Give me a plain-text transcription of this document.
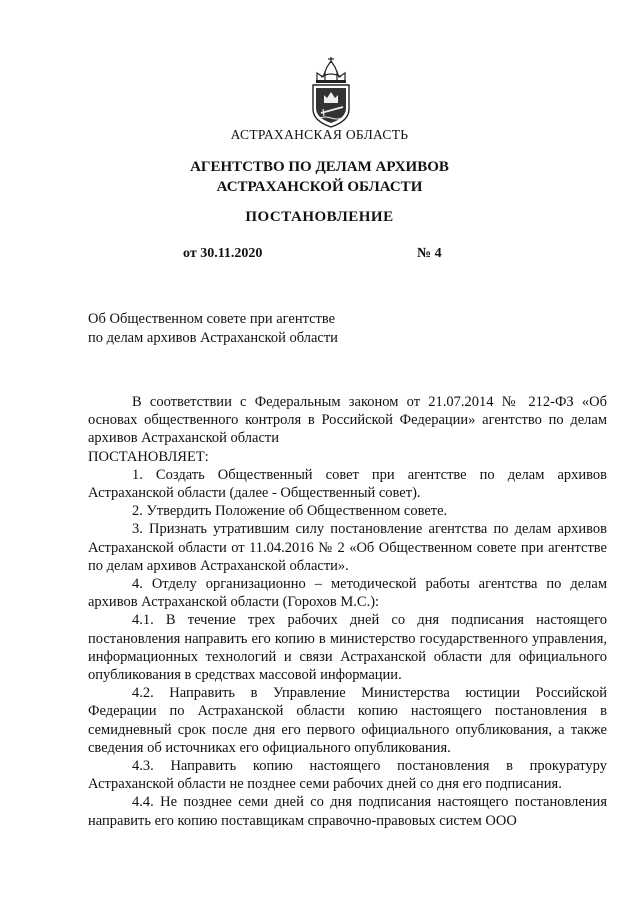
АСТРАХАНСКАЯ ОБЛАСТЬ
АГЕНТСТВО ПО ДЕЛАМ АРХИВОВ
АСТРАХАНСКОЙ ОБЛАСТИ
ПОСТАНОВЛЕНИЕ
от 30.11.2020	№ 4
Об Общественном совете при агентстве
по делам архивов Астраханской области

В соответствии с Федеральным законом от 21.07.2014 № 212-ФЗ «Об основах общественного контроля в Российской Федерации» агентство по делам архивов Астраханской области

ПОСТАНОВЛЯЕТ:

1. Создать Общественный совет при агентстве по делам архивов Астраханской области (далее - Общественный совет).

2. Утвердить Положение об Общественном совете.

3. Признать утратившим силу постановление агентства по делам архивов Астраханской области от 11.04.2016 № 2 «Об Общественном совете при агентстве по делам архивов Астраханской области».

4. Отделу организационно – методической работы агентства по делам архивов Астраханской области (Горохов М.С.):

4.1. В течение трех рабочих дней со дня подписания настоящего постановления направить его копию в министерство государственного управления, информационных технологий и связи Астраханской области для официального опубликования в средствах массовой информации.

4.2. Направить в Управление Министерства юстиции Российской Федерации по Астраханской области копию настоящего постановления в семидневный срок после дня его первого официального опубликования, а также сведения об источниках его официального опубликования.

4.3. Направить копию настоящего постановления в прокуратуру Астраханской области не позднее семи рабочих дней со дня его подписания.

4.4. Не позднее семи дней со дня подписания настоящего постановления направить его копию поставщикам справочно-правовых систем ООО
